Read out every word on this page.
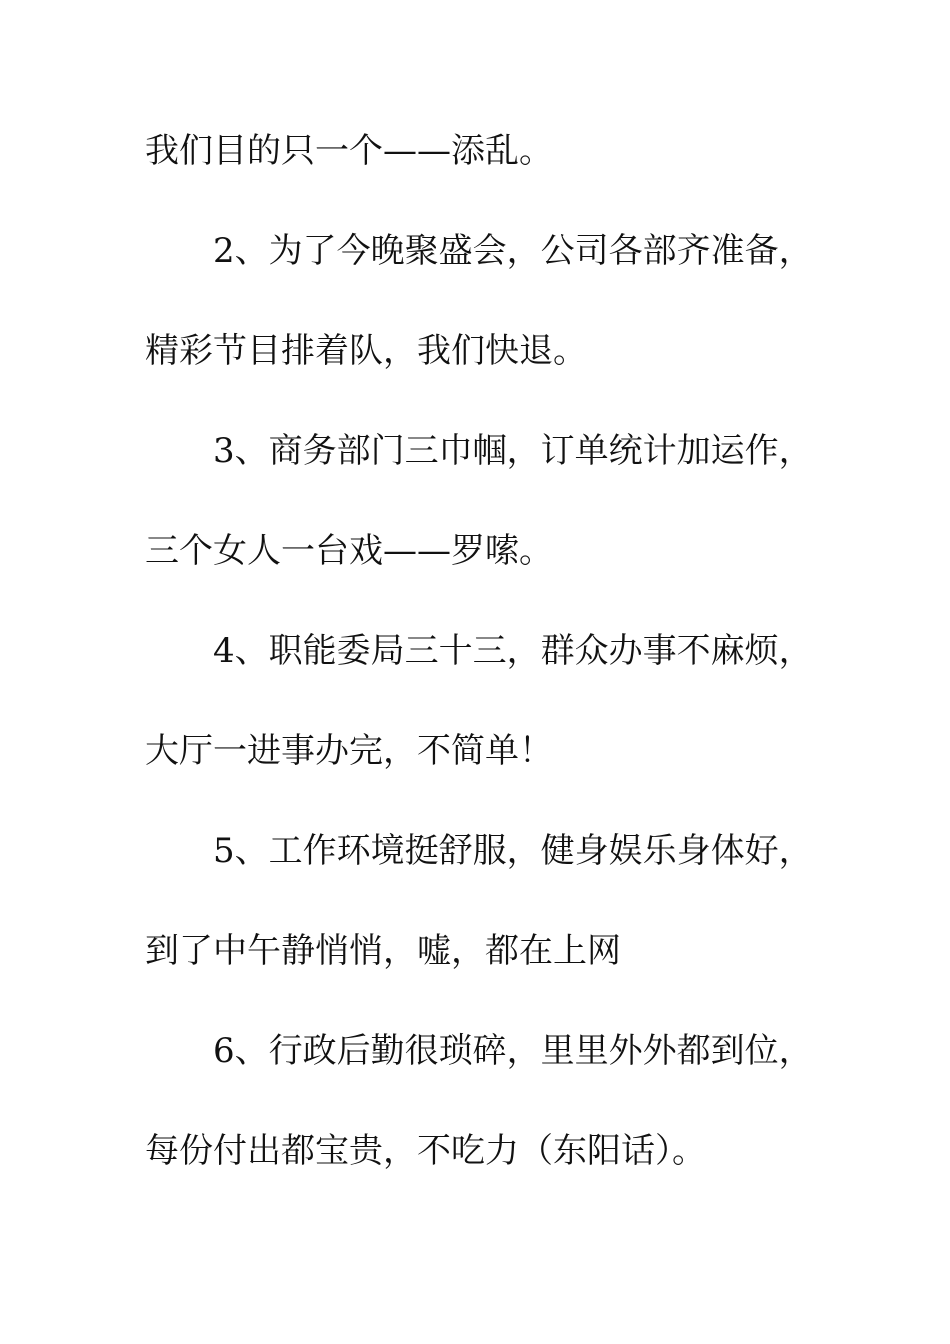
我们目的只一个——添乱。
2、为了今晚聚盛会，公司各部齐准备，
精彩节目排着队，我们快退。
3、商务部门三巾帼，订单统计加运作，
三个女人一台戏——罗嗦。
4、职能委局三十三，群众办事不麻烦，
大厅一进事办完，不简单！
5、工作环境挺舒服，健身娱乐身体好，
到了中午静悄悄，嘘，都在上网
6、行政后勤很琐碎，里里外外都到位，
每份付出都宝贵，不吃力（东阳话）。
